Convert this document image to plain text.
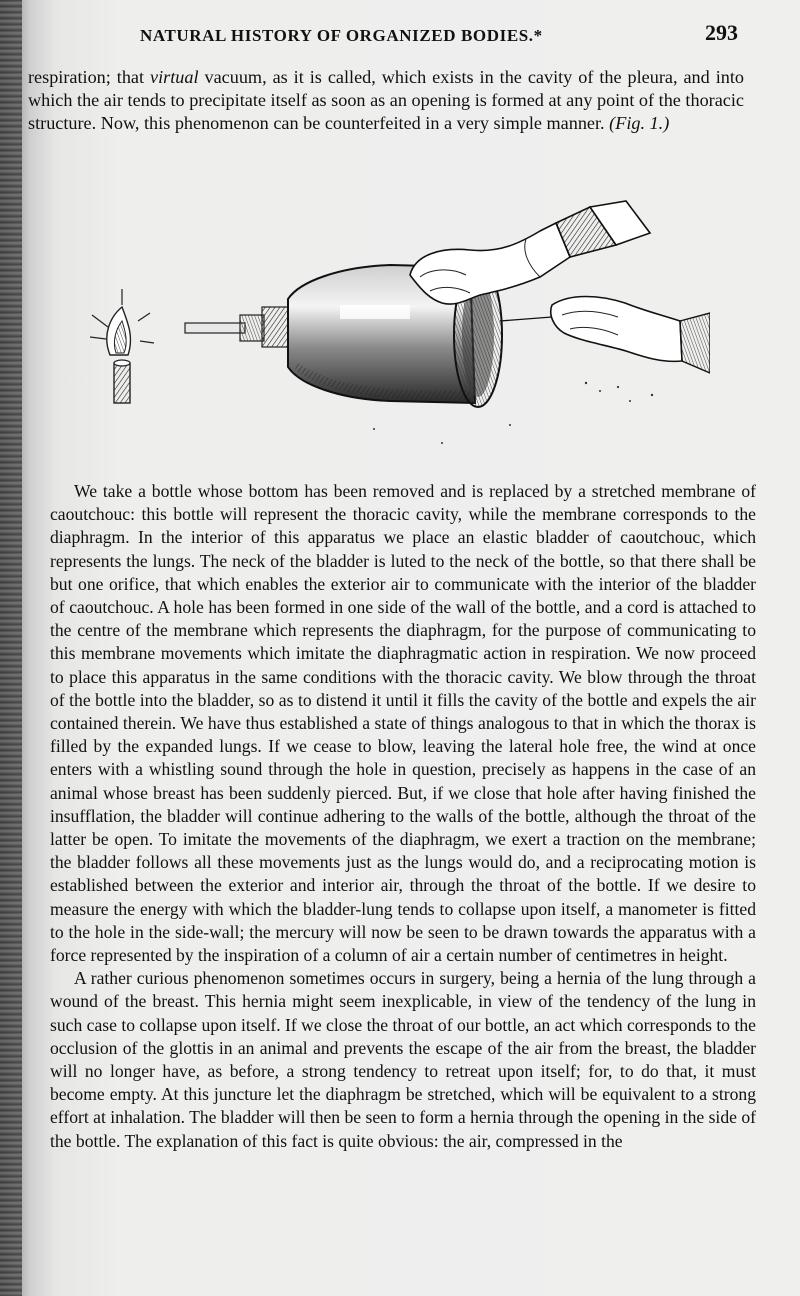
NATURAL HISTORY OF ORGANIZED BODIES.*	293

respiration; that virtual vacuum, as it is called, which exists in the cavity of the pleura, and into which the air tends to precipitate itself as soon as an opening is formed at any point of the thoracic structure. Now, this phenomenon can be counterfeited in a very simple manner. (Fig. 1.)

We take a bottle whose bottom has been removed and is replaced by a stretched membrane of caoutchouc: this bottle will represent the thoracic cavity, while the membrane corresponds to the diaphragm. In the interior of this apparatus we place an elastic bladder of caoutchouc, which represents the lungs. The neck of the bladder is luted to the neck of the bottle, so that there shall be but one orifice, that which enables the exterior air to communicate with the interior of the bladder of caoutchouc. A hole has been formed in one side of the wall of the bottle, and a cord is attached to the centre of the membrane which represents the diaphragm, for the purpose of communicating to this membrane movements which imitate the diaphragmatic action in respiration. We now proceed to place this apparatus in the same conditions with the thoracic cavity. We blow through the throat of the bottle into the bladder, so as to distend it until it fills the cavity of the bottle and expels the air contained therein. We have thus established a state of things analogous to that in which the thorax is filled by the expanded lungs. If we cease to blow, leaving the lateral hole free, the wind at once enters with a whistling sound through the hole in question, precisely as happens in the case of an animal whose breast has been suddenly pierced. But, if we close that hole after having finished the insufflation, the bladder will continue adhering to the walls of the bottle, although the throat of the latter be open. To imitate the movements of the diaphragm, we exert a traction on the membrane; the bladder follows all these movements just as the lungs would do, and a reciprocating motion is established between the exterior and interior air, through the throat of the bottle. If we desire to measure the energy with which the bladder-lung tends to collapse upon itself, a manometer is fitted to the hole in the side-wall; the mercury will now be seen to be drawn towards the apparatus with a force represented by the inspiration of a column of air a certain number of centimetres in height.

A rather curious phenomenon sometimes occurs in surgery, being a hernia of the lung through a wound of the breast. This hernia might seem inexplicable, in view of the tendency of the lung in such case to collapse upon itself. If we close the throat of our bottle, an act which corresponds to the occlusion of the glottis in an animal and prevents the escape of the air from the breast, the bladder will no longer have, as before, a strong tendency to retreat upon itself; for, to do that, it must become empty. At this juncture let the diaphragm be stretched, which will be equivalent to a strong effort at inhalation. The bladder will then be seen to form a hernia through the opening in the side of the bottle. The explanation of this fact is quite obvious: the air, compressed in the
